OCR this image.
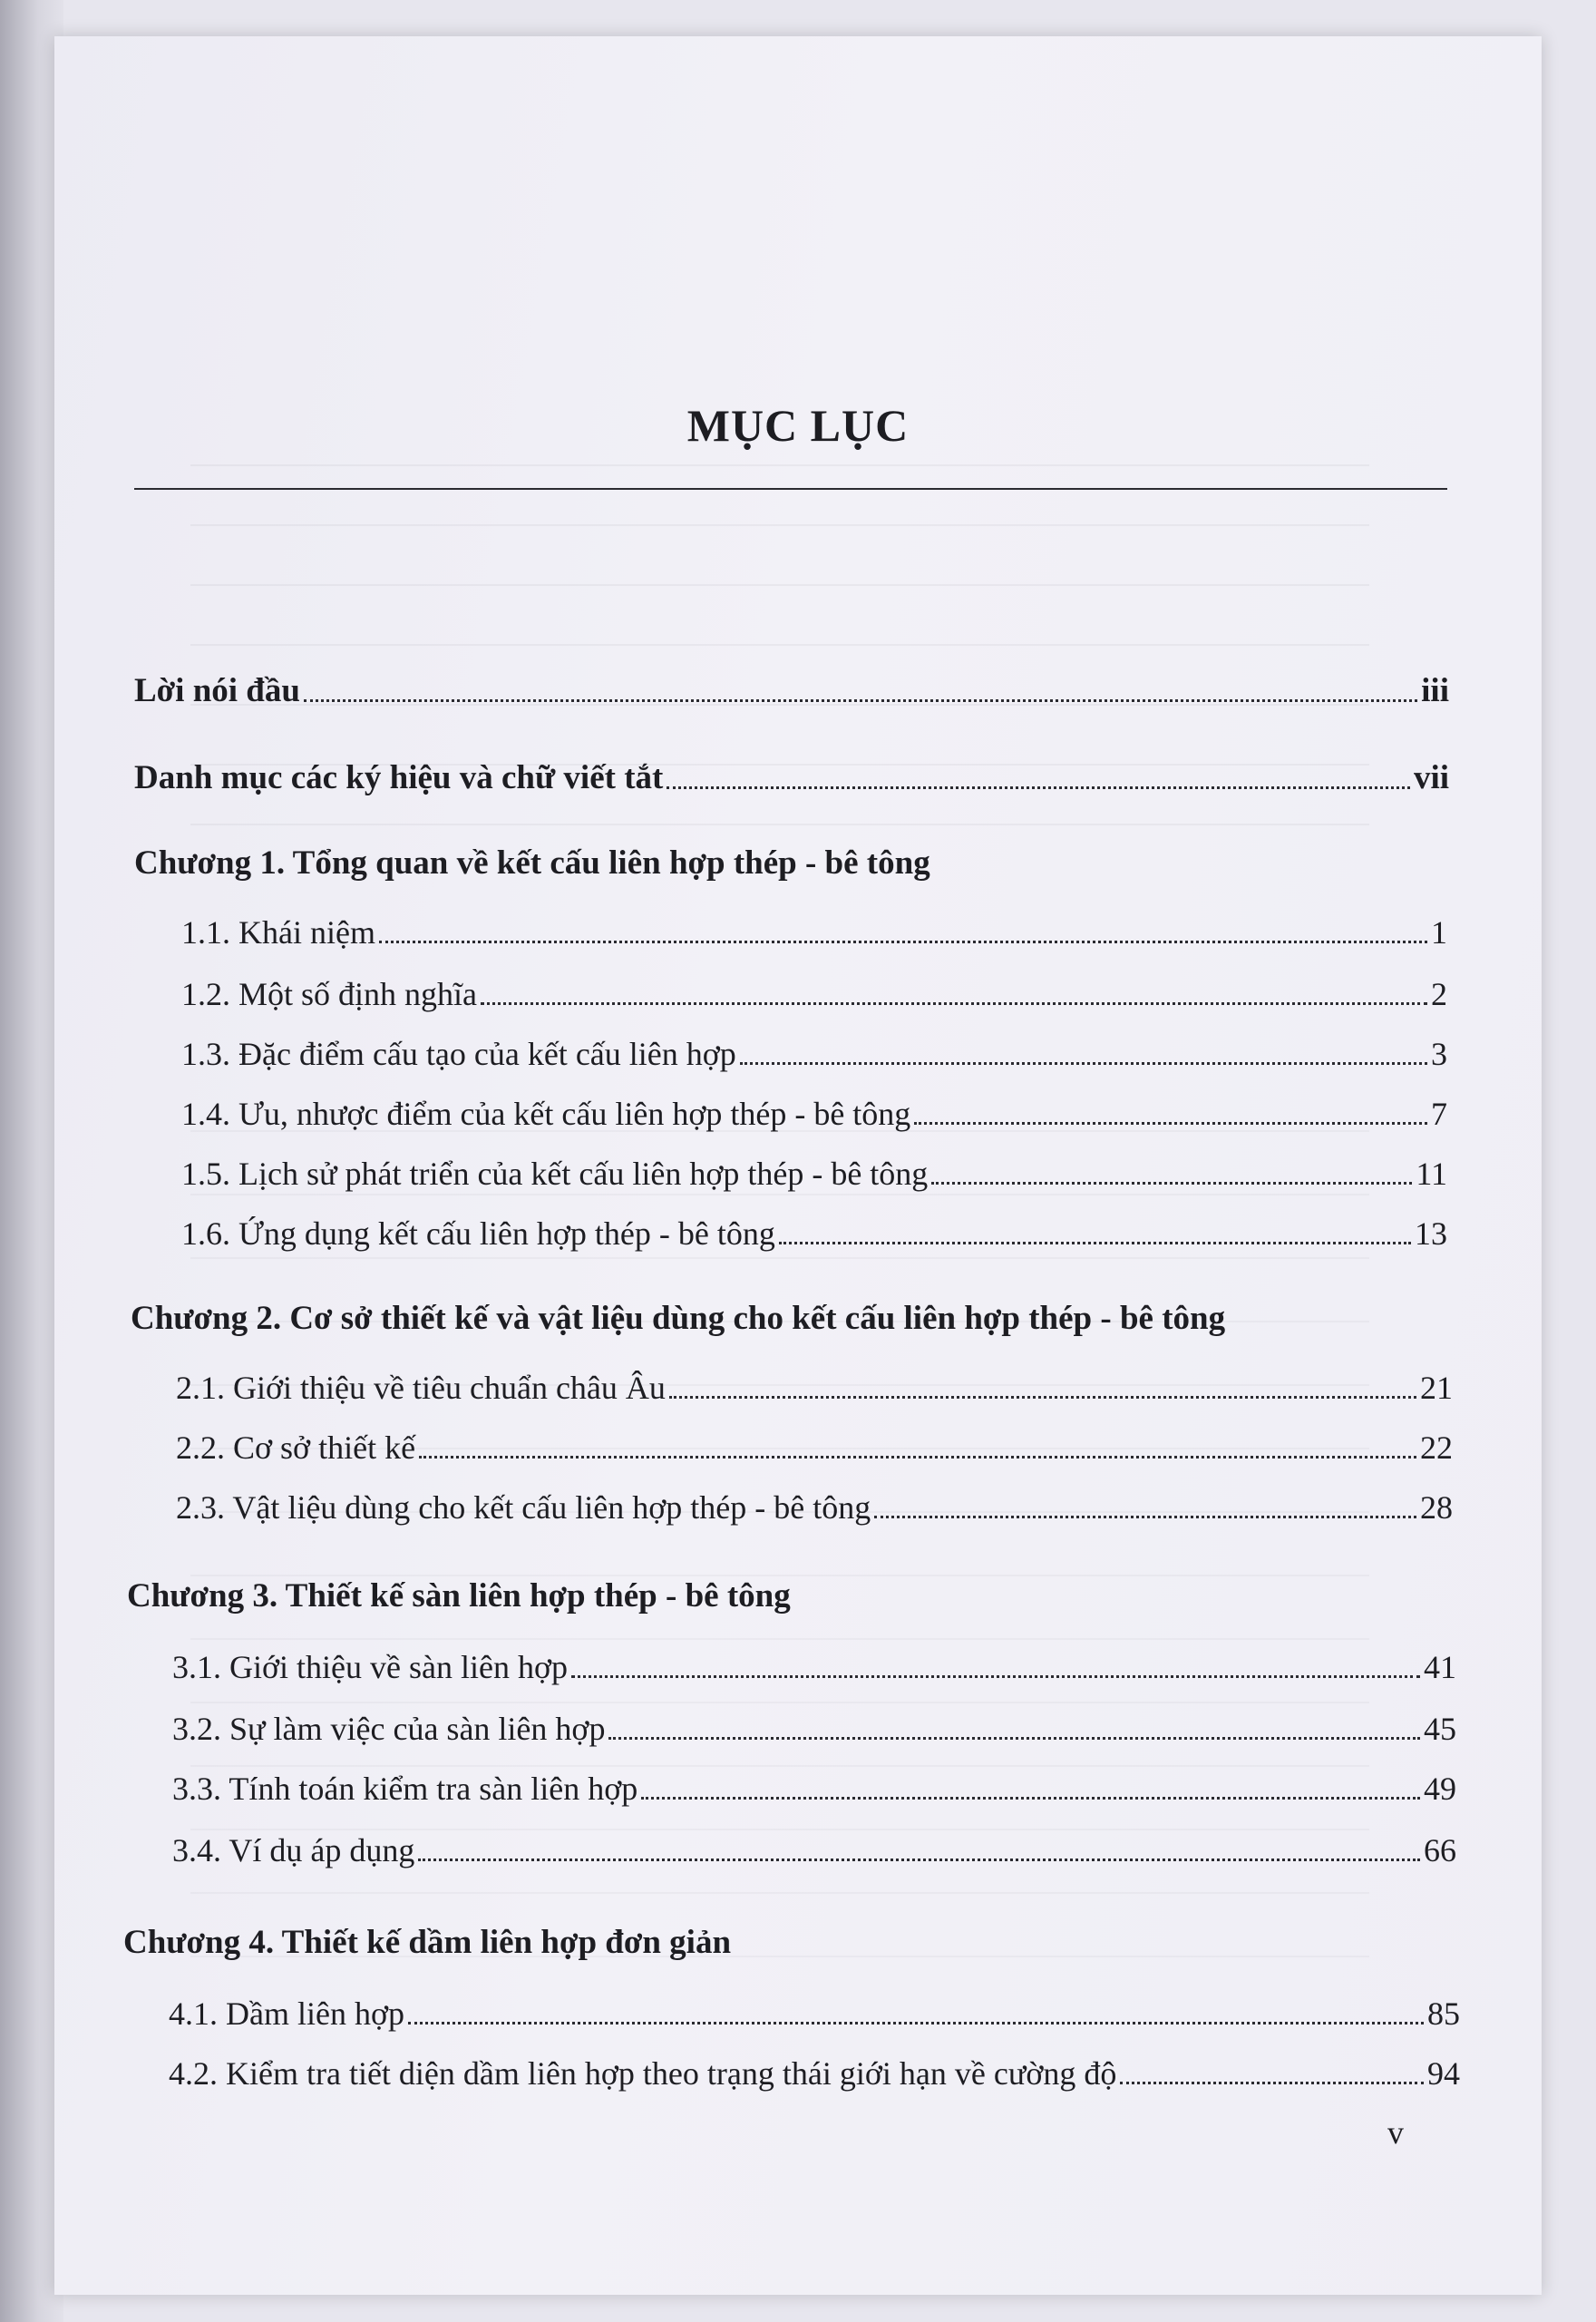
MỤC LỤC
Lời nói đầu	iii
Danh mục các ký hiệu và chữ viết tắt	vii
Chương 1. Tổng quan về kết cấu liên hợp thép - bê tông
1.1. Khái niệm	1
1.2. Một số định nghĩa	2
1.3. Đặc điểm cấu tạo của kết cấu liên hợp	3
1.4. Ưu, nhược điểm của kết cấu liên hợp thép - bê tông	7
1.5. Lịch sử phát triển của kết cấu liên hợp thép - bê tông	11
1.6. Ứng dụng kết cấu liên hợp thép - bê tông	13
Chương 2. Cơ sở thiết kế và vật liệu dùng cho kết cấu liên hợp thép - bê tông
2.1. Giới thiệu về tiêu chuẩn châu Âu	21
2.2. Cơ sở thiết kế	22
2.3. Vật liệu dùng cho kết cấu liên hợp thép - bê tông	28
Chương 3. Thiết kế sàn liên hợp thép - bê tông
3.1. Giới thiệu về sàn liên hợp	41
3.2. Sự làm việc của sàn liên hợp	45
3.3. Tính toán kiểm tra sàn liên hợp	49
3.4. Ví dụ áp dụng	66
Chương 4. Thiết kế dầm liên hợp đơn giản
4.1. Dầm liên hợp	85
4.2. Kiểm tra tiết diện dầm liên hợp theo trạng thái giới hạn về cường độ	94
v
